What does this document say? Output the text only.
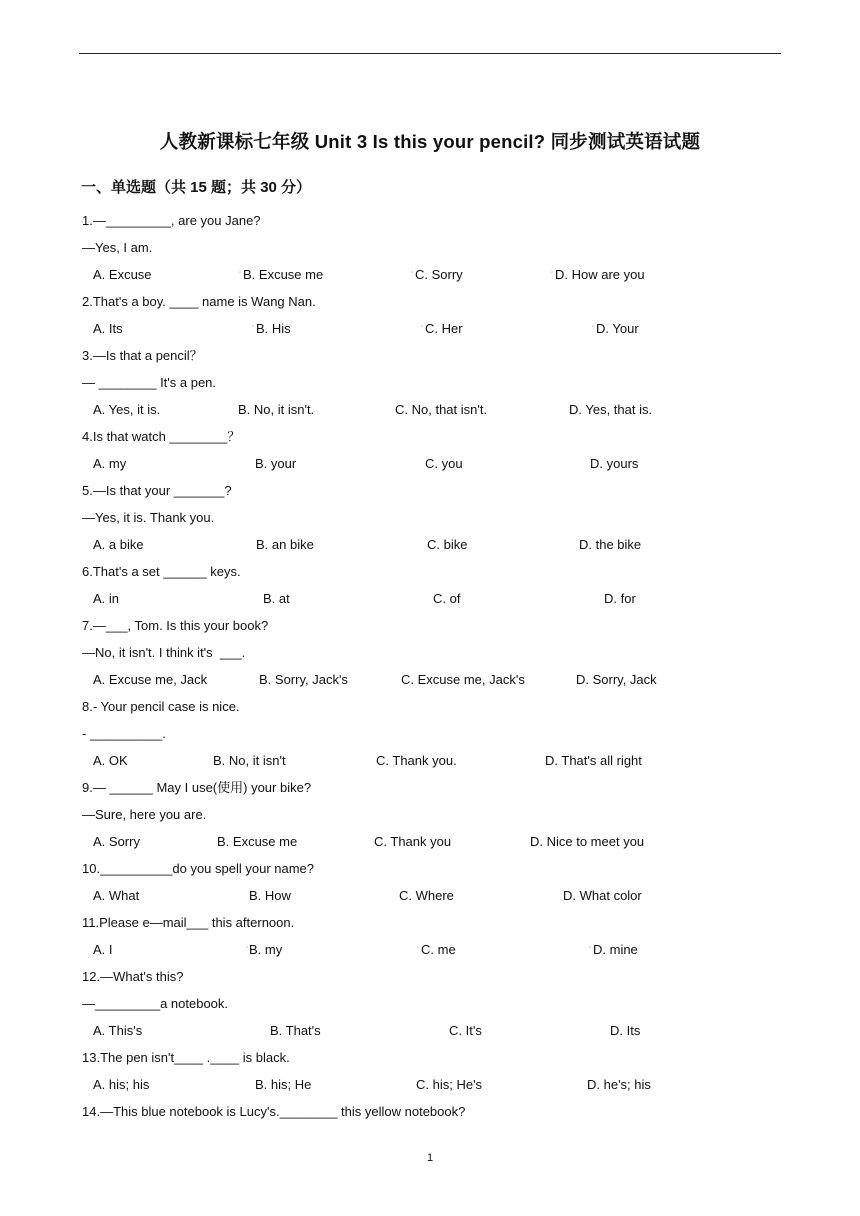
人教新课标七年级 Unit 3 Is this your pencil? 同步测试英语试题
一、单选题（共 15 题；共 30 分）
1.—_________, are you Jane?
—Yes, I am.
A. Excuse	B. Excuse me	C. Sorry	D. How are you
▫	▫	▫
2.That's a boy. ____ name is Wang Nan.
A. Its	B. His	C. Her	D. Your
▫	▫	▫
3.—Is that a pencil？
— ________ It's a pen.
A. Yes, it is.	B. No, it isn't.	C. No, that isn't.	D. Yes, that is.
4.Is that watch ________？
A. my	B. your	C. you	D. yours
5.—Is that your _______?
—Yes, it is. Thank you.
A. a bike	B. an bike	C. bike	D. the bike
6.That's a set ______ keys.
A. in	B. at	C. of	D. for
7.—___, Tom. Is this your book?
—No, it isn't. I think it's  ___.
A. Excuse me, Jack	B. Sorry, Jack's	C. Excuse me, Jack's	D. Sorry, Jack
8.- Your pencil case is nice.
- __________.
A. OK	B. No, it isn't	C. Thank you.	D. That's all right
9.— ______ May I use(使用) your bike?
—Sure, here you are.
A. Sorry	B. Excuse me	C. Thank you	D. Nice to meet you
10.__________do you spell your name?
A. What	B. How	C. Where	D. What color
11.Please e—mail___ this afternoon.
A. I	B. my	C. me	D. mine
▫	▫	▫
12.—What's this?
—_________a notebook.
A. This's	B. That's	C. It's	D. Its
13.The pen isn't____ .____ is black.
A. his; his	B. his; He	C. his; He's	D. he's; his
14.—This blue notebook is Lucy's.________ this yellow notebook?
1
